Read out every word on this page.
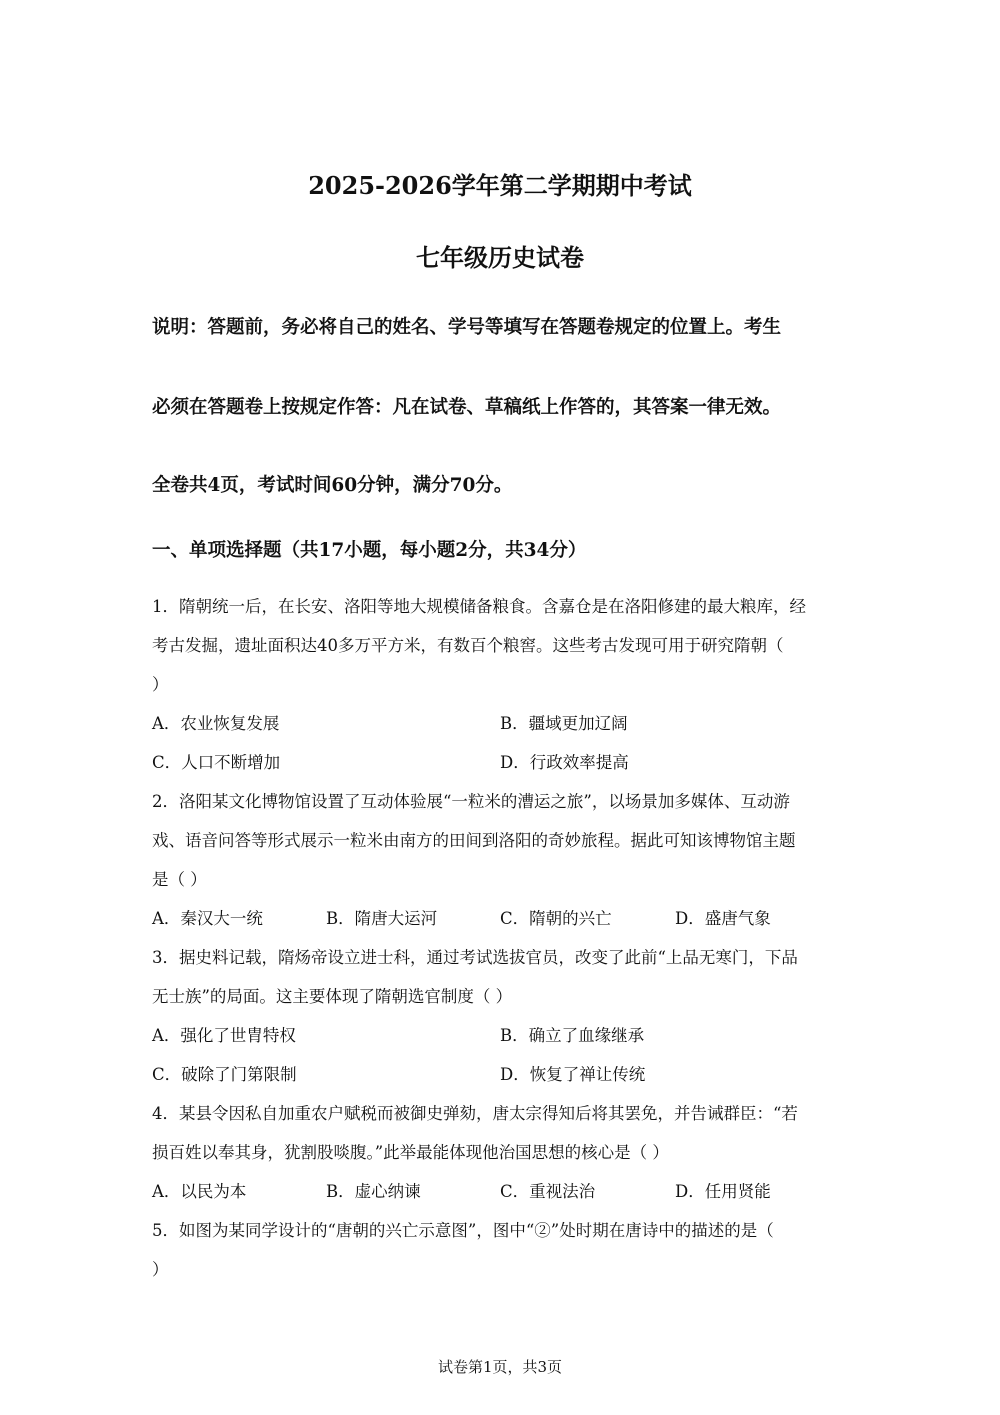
2025-2026学年第二学期期中考试
七年级历史试卷
说明：答题前，务必将自己的姓名、学号等填写在答题卷规定的位置上。考生
必须在答题卷上按规定作答：凡在试卷、草稿纸上作答的，其答案一律无效。
全卷共4页，考试时间60分钟，满分70分。
一、单项选择题（共17小题，每小题2分，共34分）
1．隋朝统一后，在长安、洛阳等地大规模储备粮食。含嘉仓是在洛阳修建的最大粮库，经
考古发掘，遗址面积达40多万平方米，有数百个粮窖。这些考古发现可用于研究隋朝（
）
A．农业恢复发展	B．疆域更加辽阔
C．人口不断增加	D．行政效率提高
2．洛阳某文化博物馆设置了互动体验展“一粒米的漕运之旅”，以场景加多媒体、互动游
戏、语音问答等形式展示一粒米由南方的田间到洛阳的奇妙旅程。据此可知该博物馆主题
是（ ）
A．秦汉大一统	B．隋唐大运河	C．隋朝的兴亡	D．盛唐气象
3．据史料记载，隋炀帝设立进士科，通过考试选拔官员，改变了此前“上品无寒门，下品
无士族”的局面。这主要体现了隋朝选官制度（ ）
A．强化了世胄特权	B．确立了血缘继承
C．破除了门第限制	D．恢复了禅让传统
4．某县令因私自加重农户赋税而被御史弹劾，唐太宗得知后将其罢免，并告诫群臣：“若
损百姓以奉其身，犹割股啖腹。”此举最能体现他治国思想的核心是（ ）
A．以民为本	B．虚心纳谏	C．重视法治	D．任用贤能
5．如图为某同学设计的“唐朝的兴亡示意图”，图中“②”处时期在唐诗中的描述的是（
）
试卷第1页，共3页
